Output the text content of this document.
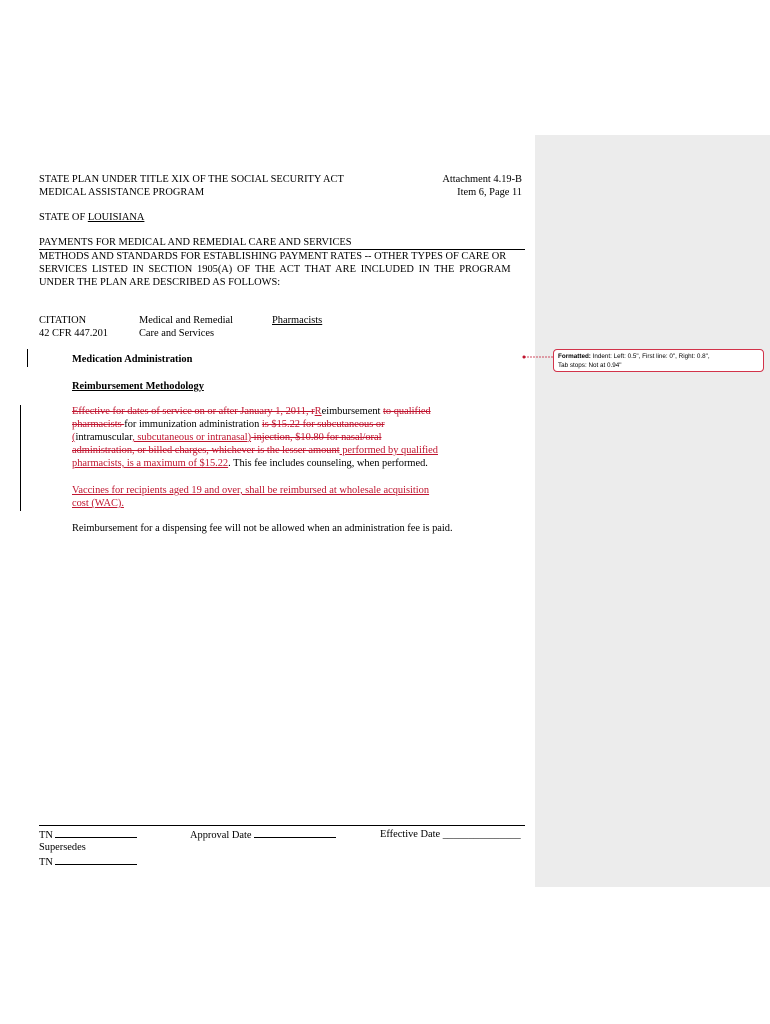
STATE PLAN UNDER TITLE XIX OF THE SOCIAL SECURITY ACT
MEDICAL ASSISTANCE PROGRAM
Attachment 4.19-B
Item 6, Page 11
STATE OF LOUISIANA
PAYMENTS FOR MEDICAL AND REMEDIAL CARE AND SERVICES
METHODS AND STANDARDS FOR ESTABLISHING PAYMENT RATES -- OTHER TYPES OF CARE OR
SERVICES LISTED IN SECTION 1905(A) OF THE ACT THAT ARE INCLUDED IN THE PROGRAM
UNDER THE PLAN ARE DESCRIBED AS FOLLOWS:
CITATION
42 CFR 447.201
Medical and Remedial
Care and Services
Pharmacists
Medication Administration
Reimbursement Methodology
Formatted: Indent: Left: 0.5", First line: 0", Right: 0.8",
Tab stops: Not at 0.94"
Effective for dates of service on or after January 1, 2011, rReimbursement to qualified
pharmacists for immunization administration is $15.22 for subcutaneous or
(intramuscular, subcutaneous or intranasal) injection, $10.80 for nasal/oral
administration, or billed charges, whichever is the lesser amount performed by qualified
pharmacists, is a maximum of $15.22. This fee includes counseling, when performed.
Vaccines for recipients aged 19 and over, shall be reimbursed at wholesale acquisition
cost (WAC).
Reimbursement for a dispensing fee will not be allowed when an administration fee is paid.
TN	Approval Date	Effective Date _______________
Supersedes
TN
